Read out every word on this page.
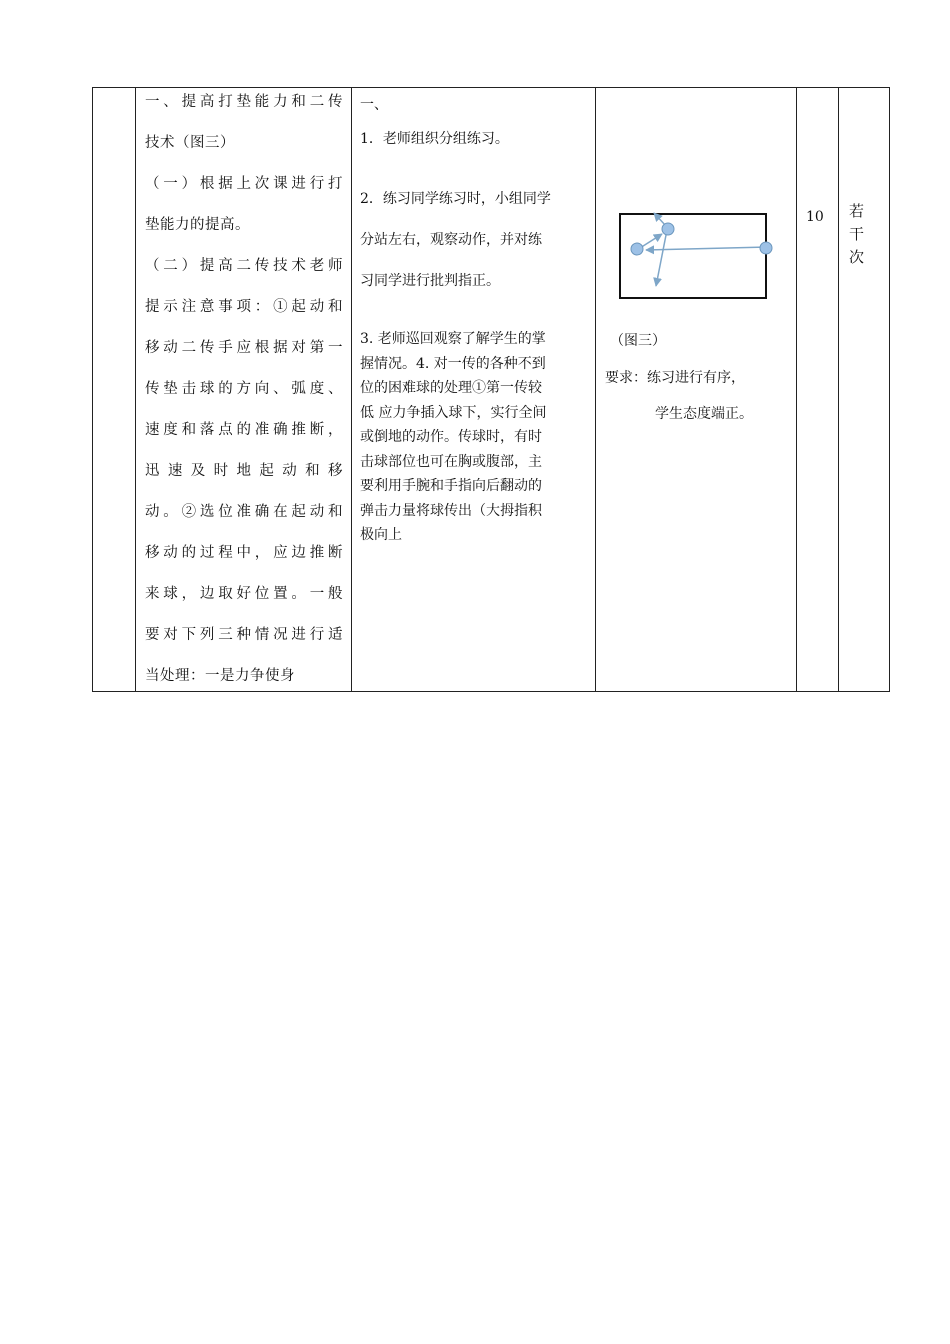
一、提高打垫能力和二传

技术（图三）

（一）根据上次课进行打

垫能力的提高。

（二）提高二传技术老师

提示注意事项：①起动和

移动二传手应根据对第一

传垫击球的方向、弧度、

速度和落点的准确推断，

迅速及时地起动和移

动。②选位准确在起动和

移动的过程中，应边推断

来球，边取好位置。一般

要对下列三种情况进行适

当处理：一是力争使身

一、
1．老师组织分组练习。
2．练习同学练习时，小组同学
分站左右，观察动作，并对练
习同学进行批判指正。
3. 老师巡回观察了解学生的掌
握情况。4. 对一传的各种不到
位的困难球的处理①第一传较
低 应力争插入球下，实行全间
或倒地的动作。传球时，有时
击球部位也可在胸或腹部，主
要利用手腕和手指向后翻动的
弹击力量将球传出（大拇指积
极向上
（图三）
要求：练习进行有序，
学生态度端正。
10 若干次
